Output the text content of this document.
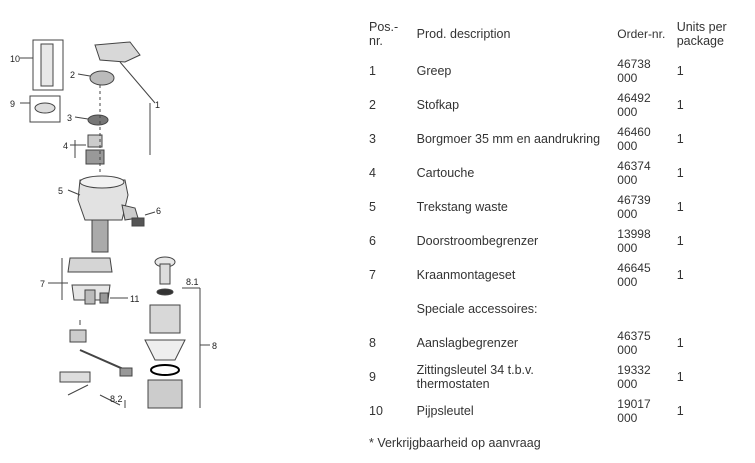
10
9	1
2
3
4
5
6
7
11
8.1
8
8.2
Pos.-nr.	Prod. description	Order-nr.	Units per package
1	Greep	46738 000	1
2	Stofkap	46492 000	1
3	Borgmoer 35 mm en aandrukring	46460 000	1
4	Cartouche	46374 000	1
5	Trekstang waste	46739 000	1
6	Doorstroombegrenzer	13998 000	1
7	Kraanmontageset	46645 000	1
	Speciale accessoires:		
8	Aanslagbegrenzer	46375 000	1
9	Zittingsleutel 34 t.b.v. thermostaten	19332 000	1
10	Pijpsleutel	19017 000	1
* Verkrijgbaarheid op aanvraag
